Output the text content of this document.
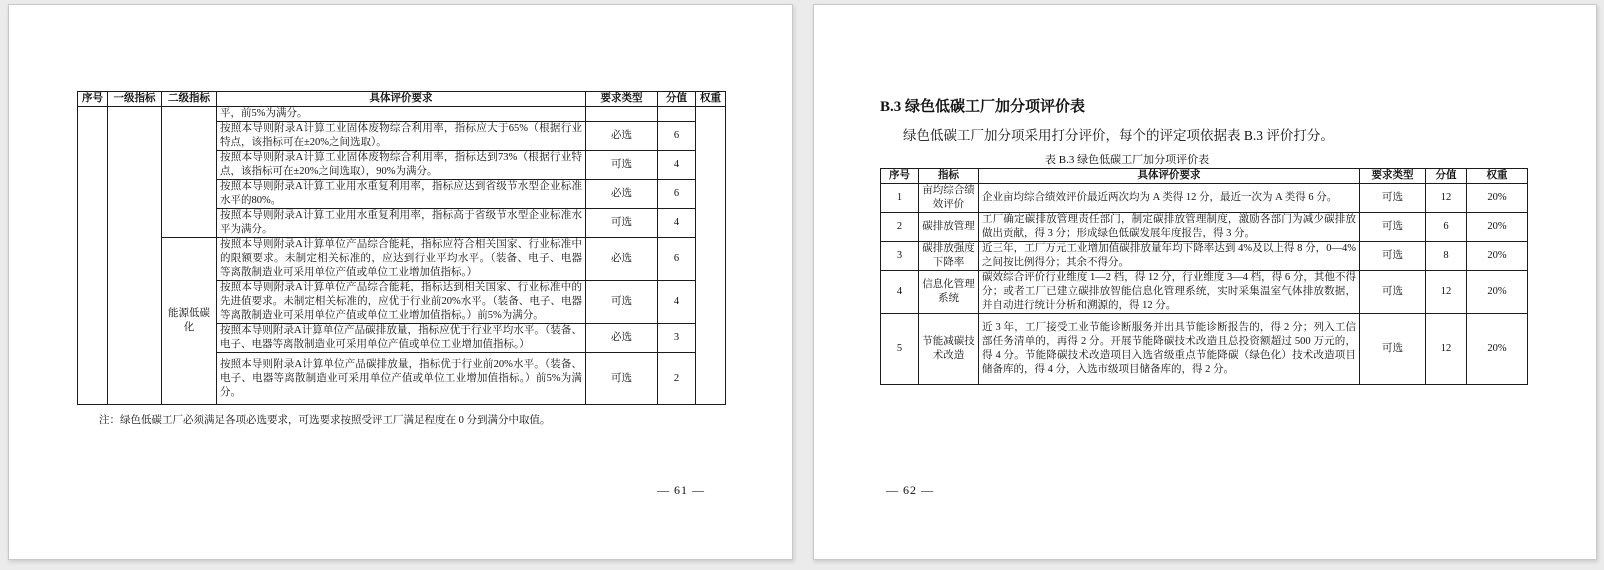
序号	一级指标	二级指标	具体评价要求	要求类型	分值	权重
			平，前5%为满分。			
			按照本导则附录A计算工业固体废物综合利用率，指标应大于65%（根据行业特点，该指标可在±20%之间选取）。	必选	6	
			按照本导则附录A计算工业固体废物综合利用率，指标达到73%（根据行业特点，该指标可在±20%之间选取），90%为满分。	可选	4	
			按照本导则附录A计算工业用水重复利用率，指标应达到省级节水型企业标准水平的80%。	必选	6	
			按照本导则附录A计算工业用水重复利用率，指标高于省级节水型企业标准水平为满分。	可选	4	
		能源低碳化	按照本导则附录A计算单位产品综合能耗，指标应符合相关国家、行业标准中的限额要求。未制定相关标准的，应达到行业平均水平。（装备、电子、电器等离散制造业可采用单位产值或单位工业增加值指标。）	必选	6	
			按照本导则附录A计算单位产品综合能耗，指标达到相关国家、行业标准中的先进值要求。未制定相关标准的，应优于行业前20%水平。（装备、电子、电器等离散制造业可采用单位产值或单位工业增加值指标。）前5%为满分。	可选	4	
			按照本导则附录A计算单位产品碳排放量，指标应优于行业平均水平。（装备、电子、电器等离散制造业可采用单位产值或单位工业增加值指标。）	必选	3	
			按照本导则附录A计算单位产品碳排放量，指标优于行业前20%水平。（装备、电子、电器等离散制造业可采用单位产值或单位工业增加值指标。）前5%为满分。	可选	2	
注：绿色低碳工厂必须满足各项必选要求，可选要求按照受评工厂满足程度在 0 分到满分中取值。
— 61 —
B.3 绿色低碳工厂加分项评价表
绿色低碳工厂加分项采用打分评价，每个的评定项依据表 B.3 评价打分。
表 B.3 绿色低碳工厂加分项评价表
序号	指标	具体评价要求	要求类型	分值	权重
1	亩均综合绩效评价	企业亩均综合绩效评价最近两次均为 A 类得 12 分，最近一次为 A 类得 6 分。	可选	12	20%
2	碳排放管理	工厂确定碳排放管理责任部门，制定碳排放管理制度，激励各部门为减少碳排放做出贡献，得 3 分；形成绿色低碳发展年度报告，得 3 分。	可选	6	20%
3	碳排放强度下降率	近三年，工厂万元工业增加值碳排放量年均下降率达到 4%及以上得 8 分，0—4%之间按比例得分；其余不得分。	可选	8	20%
4	信息化管理系统	碳效综合评价行业维度 1—2 档，得 12 分，行业维度 3—4 档，得 6 分，其他不得分；或者工厂已建立碳排放智能信息化管理系统，实时采集温室气体排放数据，并自动进行统计分析和溯源的，得 12 分。	可选	12	20%
5	节能减碳技术改造	近 3 年，工厂接受工业节能诊断服务并出具节能诊断报告的，得 2 分；列入工信部任务清单的，再得 2 分。开展节能降碳技术改造且总投资额超过 500 万元的，得 4 分。节能降碳技术改造项目入选省级重点节能降碳（绿色化）技术改造项目储备库的，得 4 分，入选市级项目储备库的，得 2 分。	可选	12	20%
— 62 —
